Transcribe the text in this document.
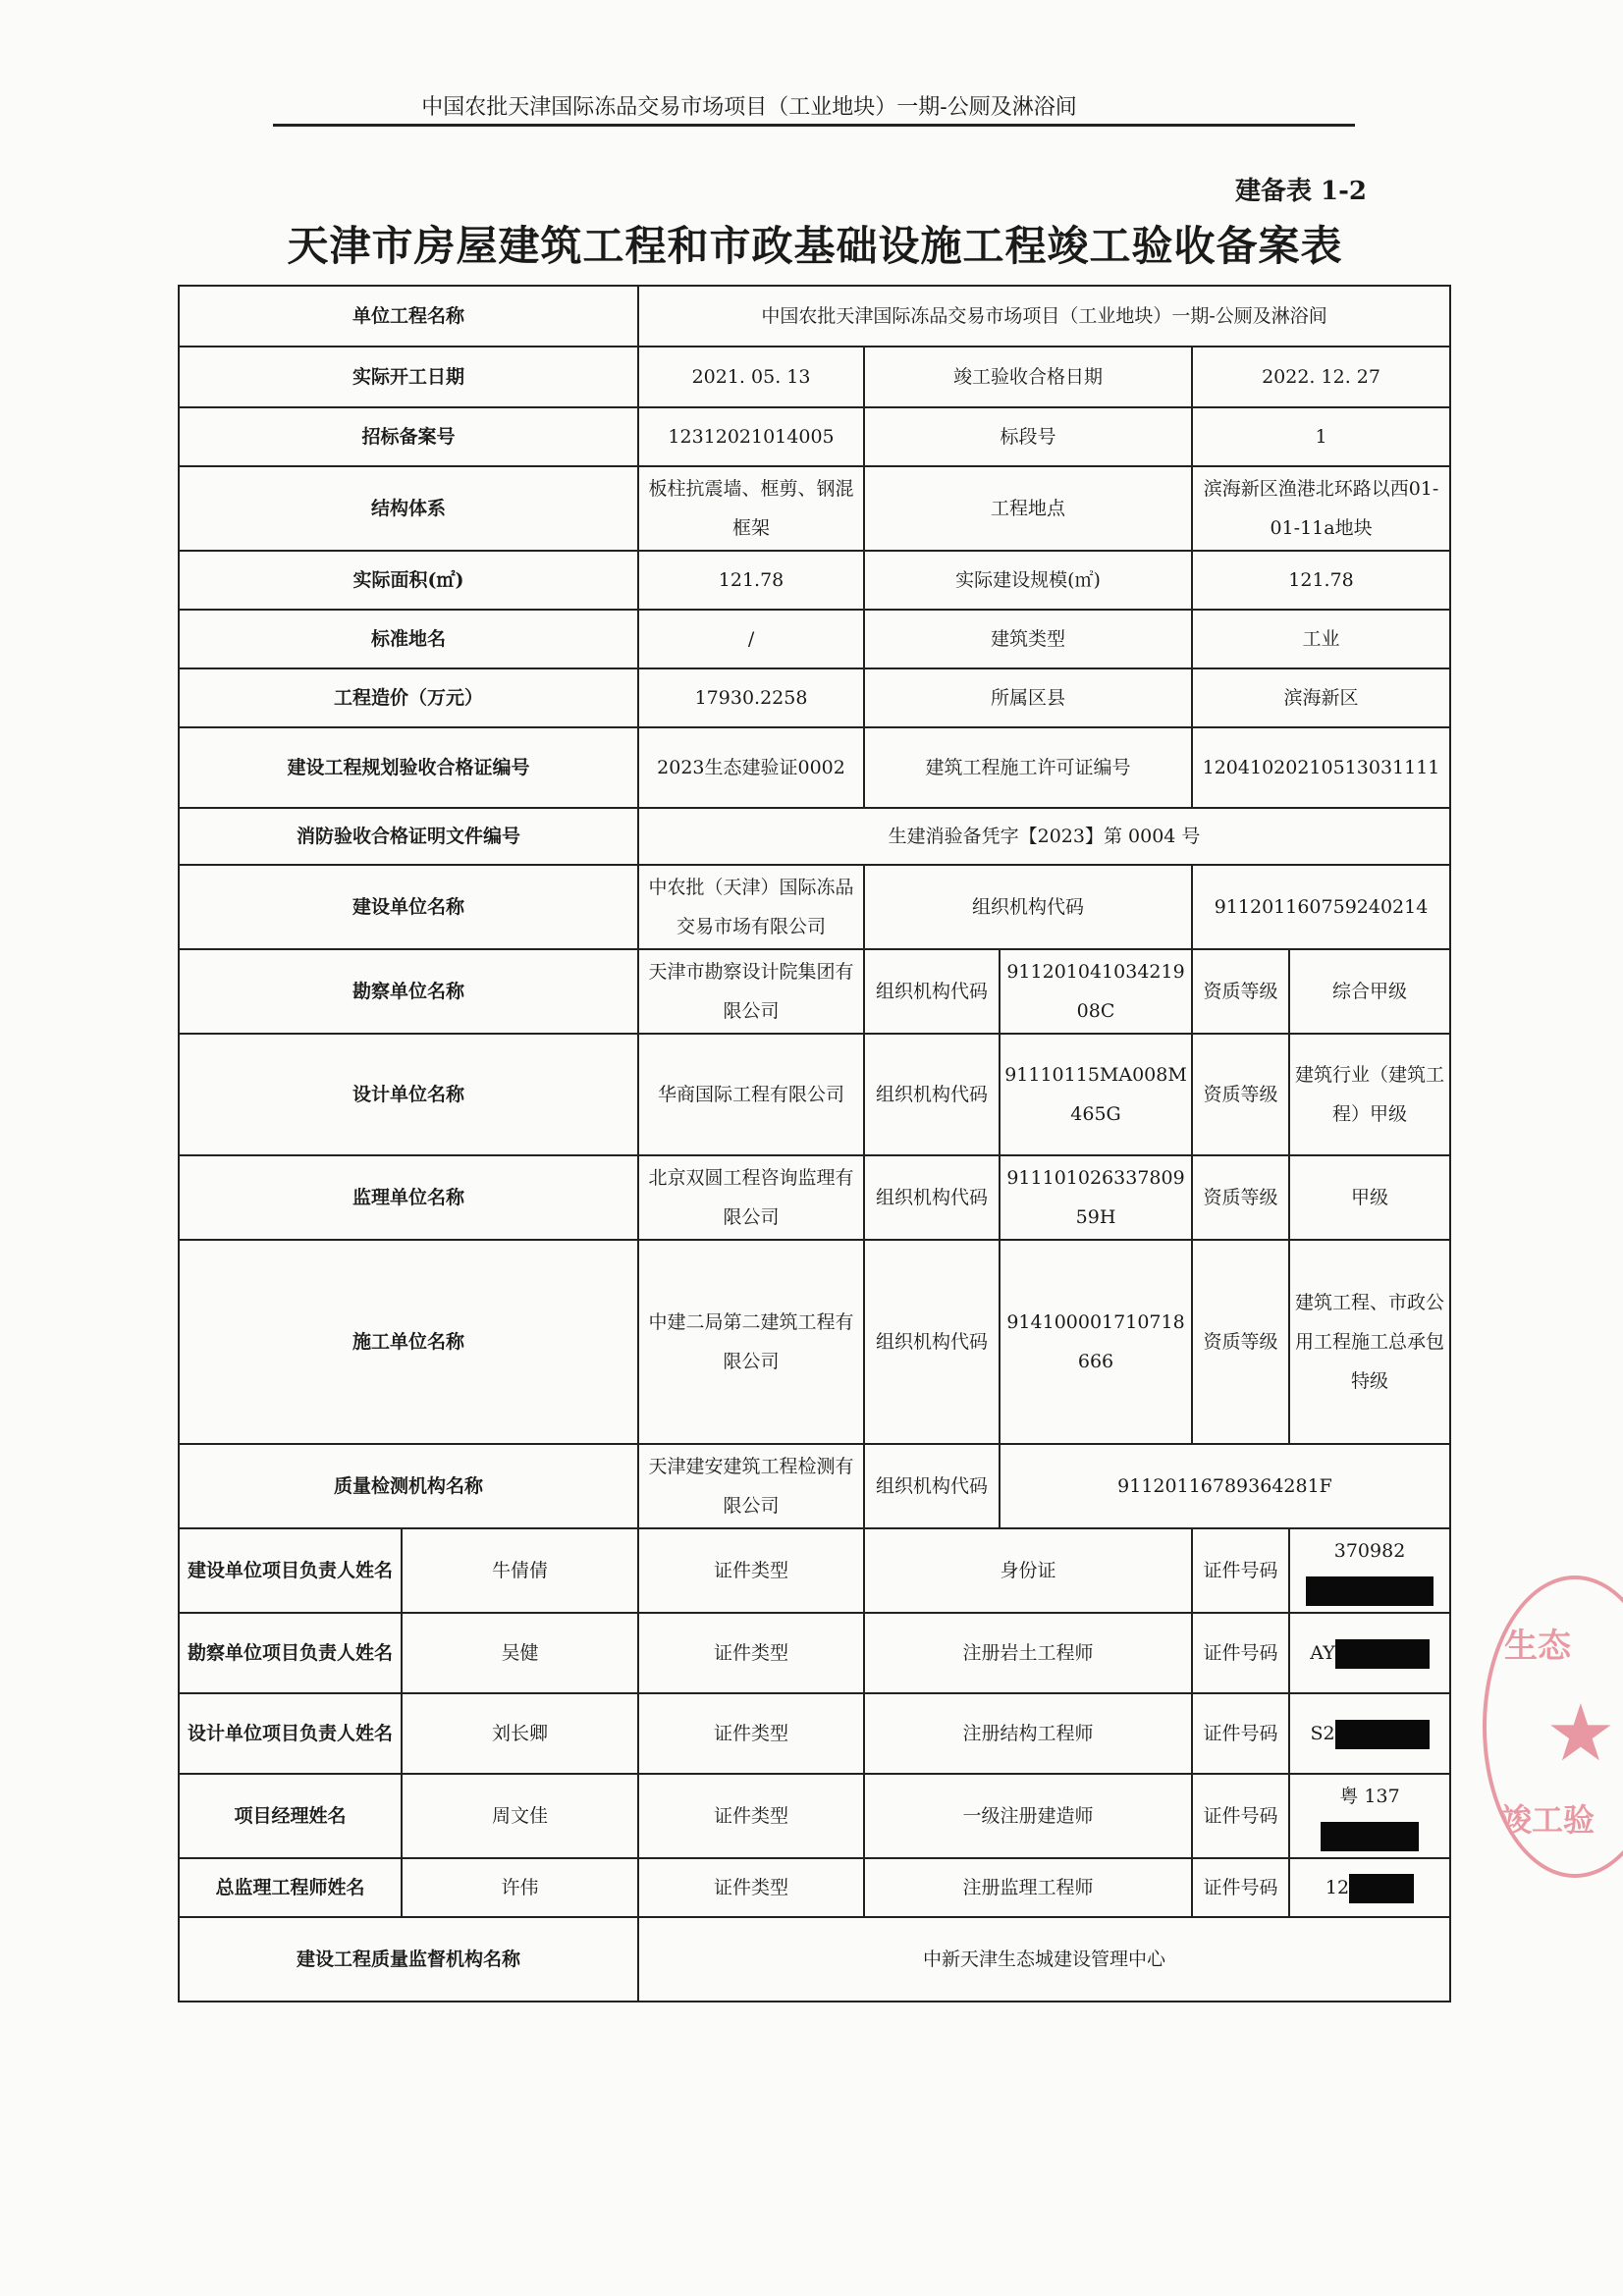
中国农批天津国际冻品交易市场项目（工业地块）一期-公厕及淋浴间
建备表 1-2
天津市房屋建筑工程和市政基础设施工程竣工验收备案表
单位工程名称		中国农批天津国际冻品交易市场项目（工业地块）一期-公厕及淋浴间				
实际开工日期		2021. 05. 13	竣工验收合格日期		2022. 12. 27	
招标备案号		12312021014005	标段号		1	
结构体系		板柱抗震墙、框剪、钢混框架	工程地点		滨海新区渔港北环路以西01-01-11a地块	
实际面积(㎡)		121.78	实际建设规模(㎡)		121.78	
标准地名		/	建筑类型		工业	
工程造价（万元）		17930.2258	所属区县		滨海新区	
建设工程规划验收合格证编号		2023生态建验证0002	建筑工程施工许可证编号		12041020210513031111	
消防验收合格证明文件编号		生建消验备凭字【2023】第 0004 号				
建设单位名称		中农批（天津）国际冻品交易市场有限公司	组织机构代码		911201160759240214	
勘察单位名称		天津市勘察设计院集团有限公司	组织机构代码	91120104103421908C	资质等级	综合甲级
设计单位名称		华商国际工程有限公司	组织机构代码	91110115MA008M465G	资质等级	建筑行业（建筑工程）甲级
监理单位名称		北京双圆工程咨询监理有限公司	组织机构代码	91110102633780959H	资质等级	甲级
施工单位名称		中建二局第二建筑工程有限公司	组织机构代码	914100001710718666	资质等级	建筑工程、市政公用工程施工总承包特级
质量检测机构名称		天津建安建筑工程检测有限公司	组织机构代码	91120116789364281F		
建设单位项目负责人姓名	牛倩倩	证件类型	身份证		证件号码	370982
勘察单位项目负责人姓名	吴健	证件类型	注册岩土工程师		证件号码	AY
设计单位项目负责人姓名	刘长卿	证件类型	注册结构工程师		证件号码	S2
项目经理姓名	周文佳	证件类型	一级注册建造师		证件号码	粤 137
总监理工程师姓名	许伟	证件类型	注册监理工程师		证件号码	12
建设工程质量监督机构名称		中新天津生态城建设管理中心				
生态
★
竣工验
